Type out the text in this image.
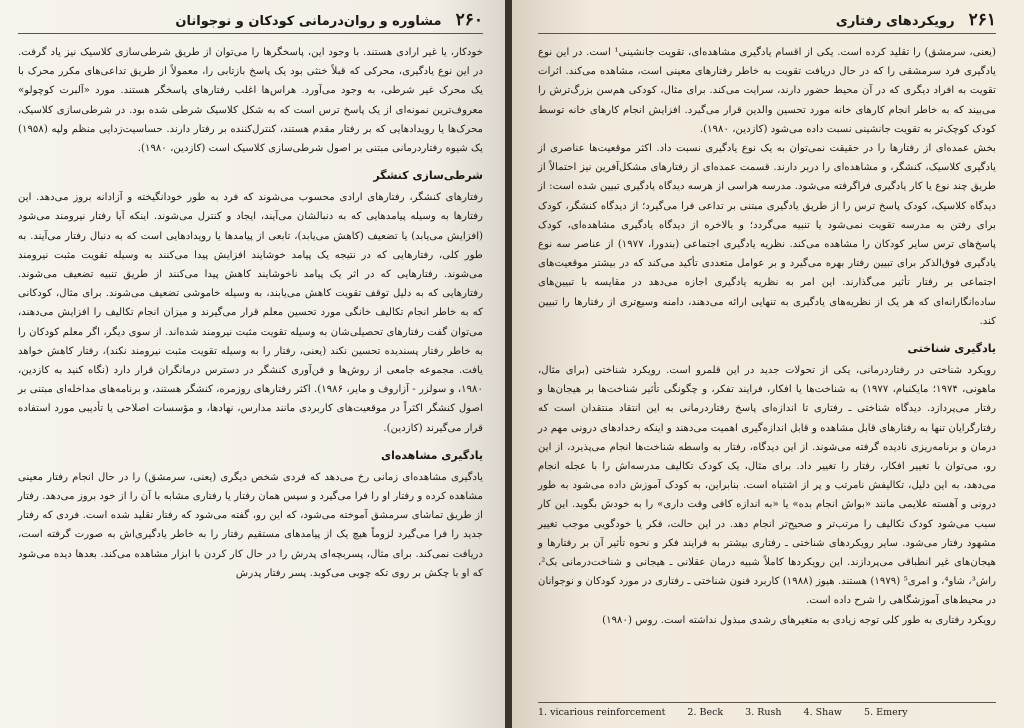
۲۶۰
مشاوره و روان‌درمانی کودکان و نوجوانان

خودکار، یا غیر ارادی هستند. با وجود این، پاسخگرها را می‌توان از طریق شرطی‌سازی کلاسیک نیز یاد گرفت. در این نوع یادگیری، محرکی که قبلاً خنثی بود یک پاسخ بازتابی را، معمولاً از طریق تداعی‌های مکرر محرک با یک محرک غیر شرطی، به وجود می‌آورد. هراس‌ها اغلب رفتارهای پاسخگر هستند. مورد «آلبرت کوچولو» معروف‌ترین نمونه‌ای از یک پاسخ ترس است که به شکل کلاسیک شرطی شده بود. در شرطی‌سازی کلاسیک، محرک‌ها یا رویدادهایی که بر رفتار مقدم هستند، کنترل‌کننده بر رفتار دارند. حساسیت‌زدایی منظم ولپه (۱۹۵۸) یک شیوه رفتاردرمانی مبتنی بر اصول شرطی‌سازی کلاسیک است (کازدین، ۱۹۸۰).

شرطی‌سازی کنشگر

رفتارهای کنشگر، رفتارهای ارادی محسوب می‌شوند که فرد به طور خودانگیخته و آزادانه بروز می‌دهد. این رفتارها به وسیله پیامدهایی که به دنبالشان می‌آیند، ایجاد و کنترل می‌شوند. اینکه آیا رفتار نیرومند می‌شود (افزایش می‌یابد) یا تضعیف (کاهش می‌یابد)، تابعی از پیامدها یا رویدادهایی است که به دنبال رفتار می‌آیند. به طور کلی، رفتارهایی که در نتیجه یک پیامد خوشایند افزایش پیدا می‌کنند به وسیله تقویت مثبت نیرومند می‌شوند. رفتارهایی که در اثر یک پیامد ناخوشایند کاهش پیدا می‌کنند از طریق تنبیه تضعیف می‌شوند. رفتارهایی که به دلیل توقف تقویت کاهش می‌یابند، به وسیله خاموشی تضعیف می‌شوند. برای مثال، کودکانی که به خاطر انجام تکالیف خانگی مورد تحسین معلم قرار می‌گیرند و میزان انجام تکالیف را افزایش می‌دهند، می‌توان گفت رفتارهای تحصیلی‌شان به وسیله تقویت مثبت نیرومند شده‌اند. از سوی دیگر، اگر معلم کودکان را به خاطر رفتار پسندیده تحسین نکند (یعنی، رفتار را به وسیله تقویت مثبت نیرومند نکند)، رفتار کاهش خواهد یافت. مجموعه جامعی از روش‌ها و فن‌آوری کنشگر در دسترس درمانگران قرار دارد (نگاه کنید به کازدین، ۱۹۸۰، و سولزر - آزاروف و مایر، ۱۹۸۶). اکثر رفتارهای روزمره، کنشگر هستند، و برنامه‌های مداخله‌ای مبتنی بر اصول کنشگر اکثراً در موقعیت‌های کاربردی مانند مدارس، نهادها، و مؤسسات اصلاحی یا تأدیبی مورد استفاده قرار می‌گیرند (کازدین).

یادگیری مشاهده‌ای

یادگیری مشاهده‌ای زمانی رخ می‌دهد که فردی شخص دیگری (یعنی، سرمشق) را در حال انجام رفتار معینی مشاهده کرده و رفتار او را فرا می‌گیرد و سپس همان رفتار یا رفتاری مشابه با آن را از خود بروز می‌دهد. رفتار از طریق تماشای سرمشق آموخته می‌شود، که این رو، گفته می‌شود که رفتار تقلید شده است. فردی که رفتار جدید را فرا می‌گیرد لزوماً هیچ یک از پیامدهای مستقیم رفتار را به خاطر یادگیری‌اش به صورت گرفته است، دریافت نمی‌کند. برای مثال، پسربچه‌ای پدرش را در حال کار کردن با ابزار مشاهده می‌کند. بعدها دیده می‌شود که او با چکش بر روی تکه چوبی می‌کوبد. پسر رفتار پدرش

۲۶۱
رویکردهای رفتاری

(یعنی، سرمشق) را تقلید کرده است. یکی از اقسام یادگیری مشاهده‌ای، تقویت جانشینی¹ است. در این نوع یادگیری فرد سرمشقی را که در حال دریافت تقویت به خاطر رفتارهای معینی است، مشاهده می‌کند. اثرات تقویت به افراد دیگری که در آن محیط حضور دارند، سرایت می‌کند. برای مثال، کودکی هم‌سن بزرگ‌ترش را می‌بیند که به خاطر انجام کارهای خانه مورد تحسین والدین قرار می‌گیرد. افزایش انجام کارهای خانه توسط کودک کوچک‌تر به تقویت جانشینی نسبت داده می‌شود (کازدین، ۱۹۸۰).

بخش عمده‌ای از رفتارها را در حقیقت نمی‌توان به یک نوع یادگیری نسبت داد. اکثر موقعیت‌ها عناصری از یادگیری کلاسیک، کنشگر، و مشاهده‌ای را دربر دارند. قسمت عمده‌ای از رفتارهای مشکل‌آفرین نیز احتمالاً از طریق چند نوع یا کار یادگیری فراگرفته می‌شود. مدرسه هراسی از هرسه دیدگاه یادگیری تبیین شده است: از دیدگاه کلاسیک، کودک پاسخ ترس را از طریق یادگیری مبتنی بر تداعی فرا می‌گیرد؛ از دیدگاه کنشگر، کودک برای رفتن به مدرسه تقویت نمی‌شود یا تنبیه می‌گردد؛ و بالاخره از دیدگاه یادگیری مشاهده‌ای، کودک پاسخ‌های ترس سایر کودکان را مشاهده می‌کند. نظریه یادگیری اجتماعی (بندورا، ۱۹۷۷) از عناصر سه نوع یادگیری فوق‌الذکر برای تبیین رفتار بهره می‌گیرد و بر عوامل متعددی تأکید می‌کند که در بیشتر موقعیت‌های اجتماعی بر رفتار تأثیر می‌گذارند. این امر به نظریه یادگیری اجازه می‌دهد در مقایسه با تبیین‌های ساده‌انگارانه‌ای که هر یک از نظریه‌های یادگیری به تنهایی ارائه می‌دهند، دامنه وسیع‌تری از رفتارها را تبیین کند.

یادگیری شناختی

رویکرد شناختی در رفتاردرمانی، یکی از تحولات جدید در این قلمرو است. رویکرد شناختی (برای مثال، ماهونی، ۱۹۷۴؛ مایکنبام، ۱۹۷۷) به شناخت‌ها یا افکار، فرایند تفکر، و چگونگی تأثیر شناخت‌ها بر هیجان‌ها و رفتار می‌پردازد. دیدگاه شناختی ـ رفتاری تا اندازه‌ای پاسخ رفتاردرمانی به این انتقاد منتقدان است که رفتارگرایان تنها به رفتارهای قابل مشاهده و قابل اندازه‌گیری اهمیت می‌دهند و اینکه رخدادهای درونی مهم در درمان و برنامه‌ریزی نادیده گرفته می‌شوند. از این دیدگاه، رفتار به واسطه شناخت‌ها انجام می‌پذیرد، از این رو، می‌توان با تغییر افکار، رفتار را تغییر داد. برای مثال، یک کودک تکالیف مدرسه‌اش را با عجله انجام می‌دهد، به این دلیل، تکالیفش نامرتب و پر از اشتباه است. بنابراین، به کودک آموزش داده می‌شود به طور درونی و آهسته علایمی مانند «بواش انجام بده» یا «به اندازه کافی وقت داری» را به خودش بگوید. این کار سبب می‌شود کودک تکالیف را مرتب‌تر و صحیح‌تر انجام دهد. در این حالت، فکر یا خودگویی موجب تغییر مشهود رفتار می‌شود. سایر رویکردهای شناختی ـ رفتاری بیشتر به فرایند فکر و نحوه تأثیر آن بر رفتارها و هیجان‌های غیر انطباقی می‌پردازند. این رویکردها کاملاً شبیه درمان عقلانی ـ هیجانی و شناخت‌درمانی بک²، راش³، شاو⁴، و امری⁵ (۱۹۷۹) هستند. هیوز (۱۹۸۸) کاربرد فنون شناختی ـ رفتاری در مورد کودکان و نوجوانان در محیط‌های آموزشگاهی را شرح داده است.

رویکرد رفتاری به طور کلی توجه زیادی به متغیرهای رشدی مبذول نداشته است. روس (۱۹۸۰)

1. vicarious reinforcement 2. Beck 3. Rush 4. Shaw 5. Emery
